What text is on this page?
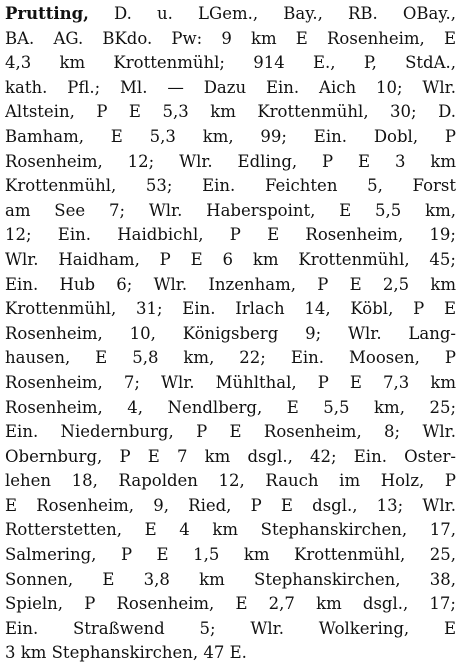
Prutting, D. u. LGem., Bay., RB. OBay.,
BA. AG. BKdo. Pw: 9 km E Rosenheim, E
4,3 km Krottenmühl; 914 E., P, StdA.,
kath. Pfl.; Ml. — Dazu Ein. Aich 10; Wlr.
Altstein, P E 5,3 km Krottenmühl, 30; D.
Bamham, E 5,3 km, 99; Ein. Dobl, P
Rosenheim, 12; Wlr. Edling, P E 3 km
Krottenmühl, 53; Ein. Feichten 5, Forst
am See 7; Wlr. Haberspoint, E 5,5 km,
12; Ein. Haidbichl, P E Rosenheim, 19;
Wlr. Haidham, P E 6 km Krottenmühl, 45;
Ein. Hub 6; Wlr. Inzenham, P E 2,5 km
Krottenmühl, 31; Ein. Irlach 14, Köbl, P E
Rosenheim, 10, Königsberg 9; Wlr. Lang-
hausen, E 5,8 km, 22; Ein. Moosen, P
Rosenheim, 7; Wlr. Mühlthal, P E 7,3 km
Rosenheim, 4, Nendlberg, E 5,5 km, 25;
Ein. Niedernburg, P E Rosenheim, 8; Wlr.
Obernburg, P E 7 km dsgl., 42; Ein. Oster-
lehen 18, Rapolden 12, Rauch im Holz, P
E Rosenheim, 9, Ried, P E dsgl., 13; Wlr.
Rotterstetten, E 4 km Stephanskirchen, 17,
Salmering, P E 1,5 km Krottenmühl, 25,
Sonnen, E 3,8 km Stephanskirchen, 38,
Spieln, P Rosenheim, E 2,7 km dsgl., 17;
Ein. Straßwend 5; Wlr. Wolkering, E
3 km Stephanskirchen, 47 E.
